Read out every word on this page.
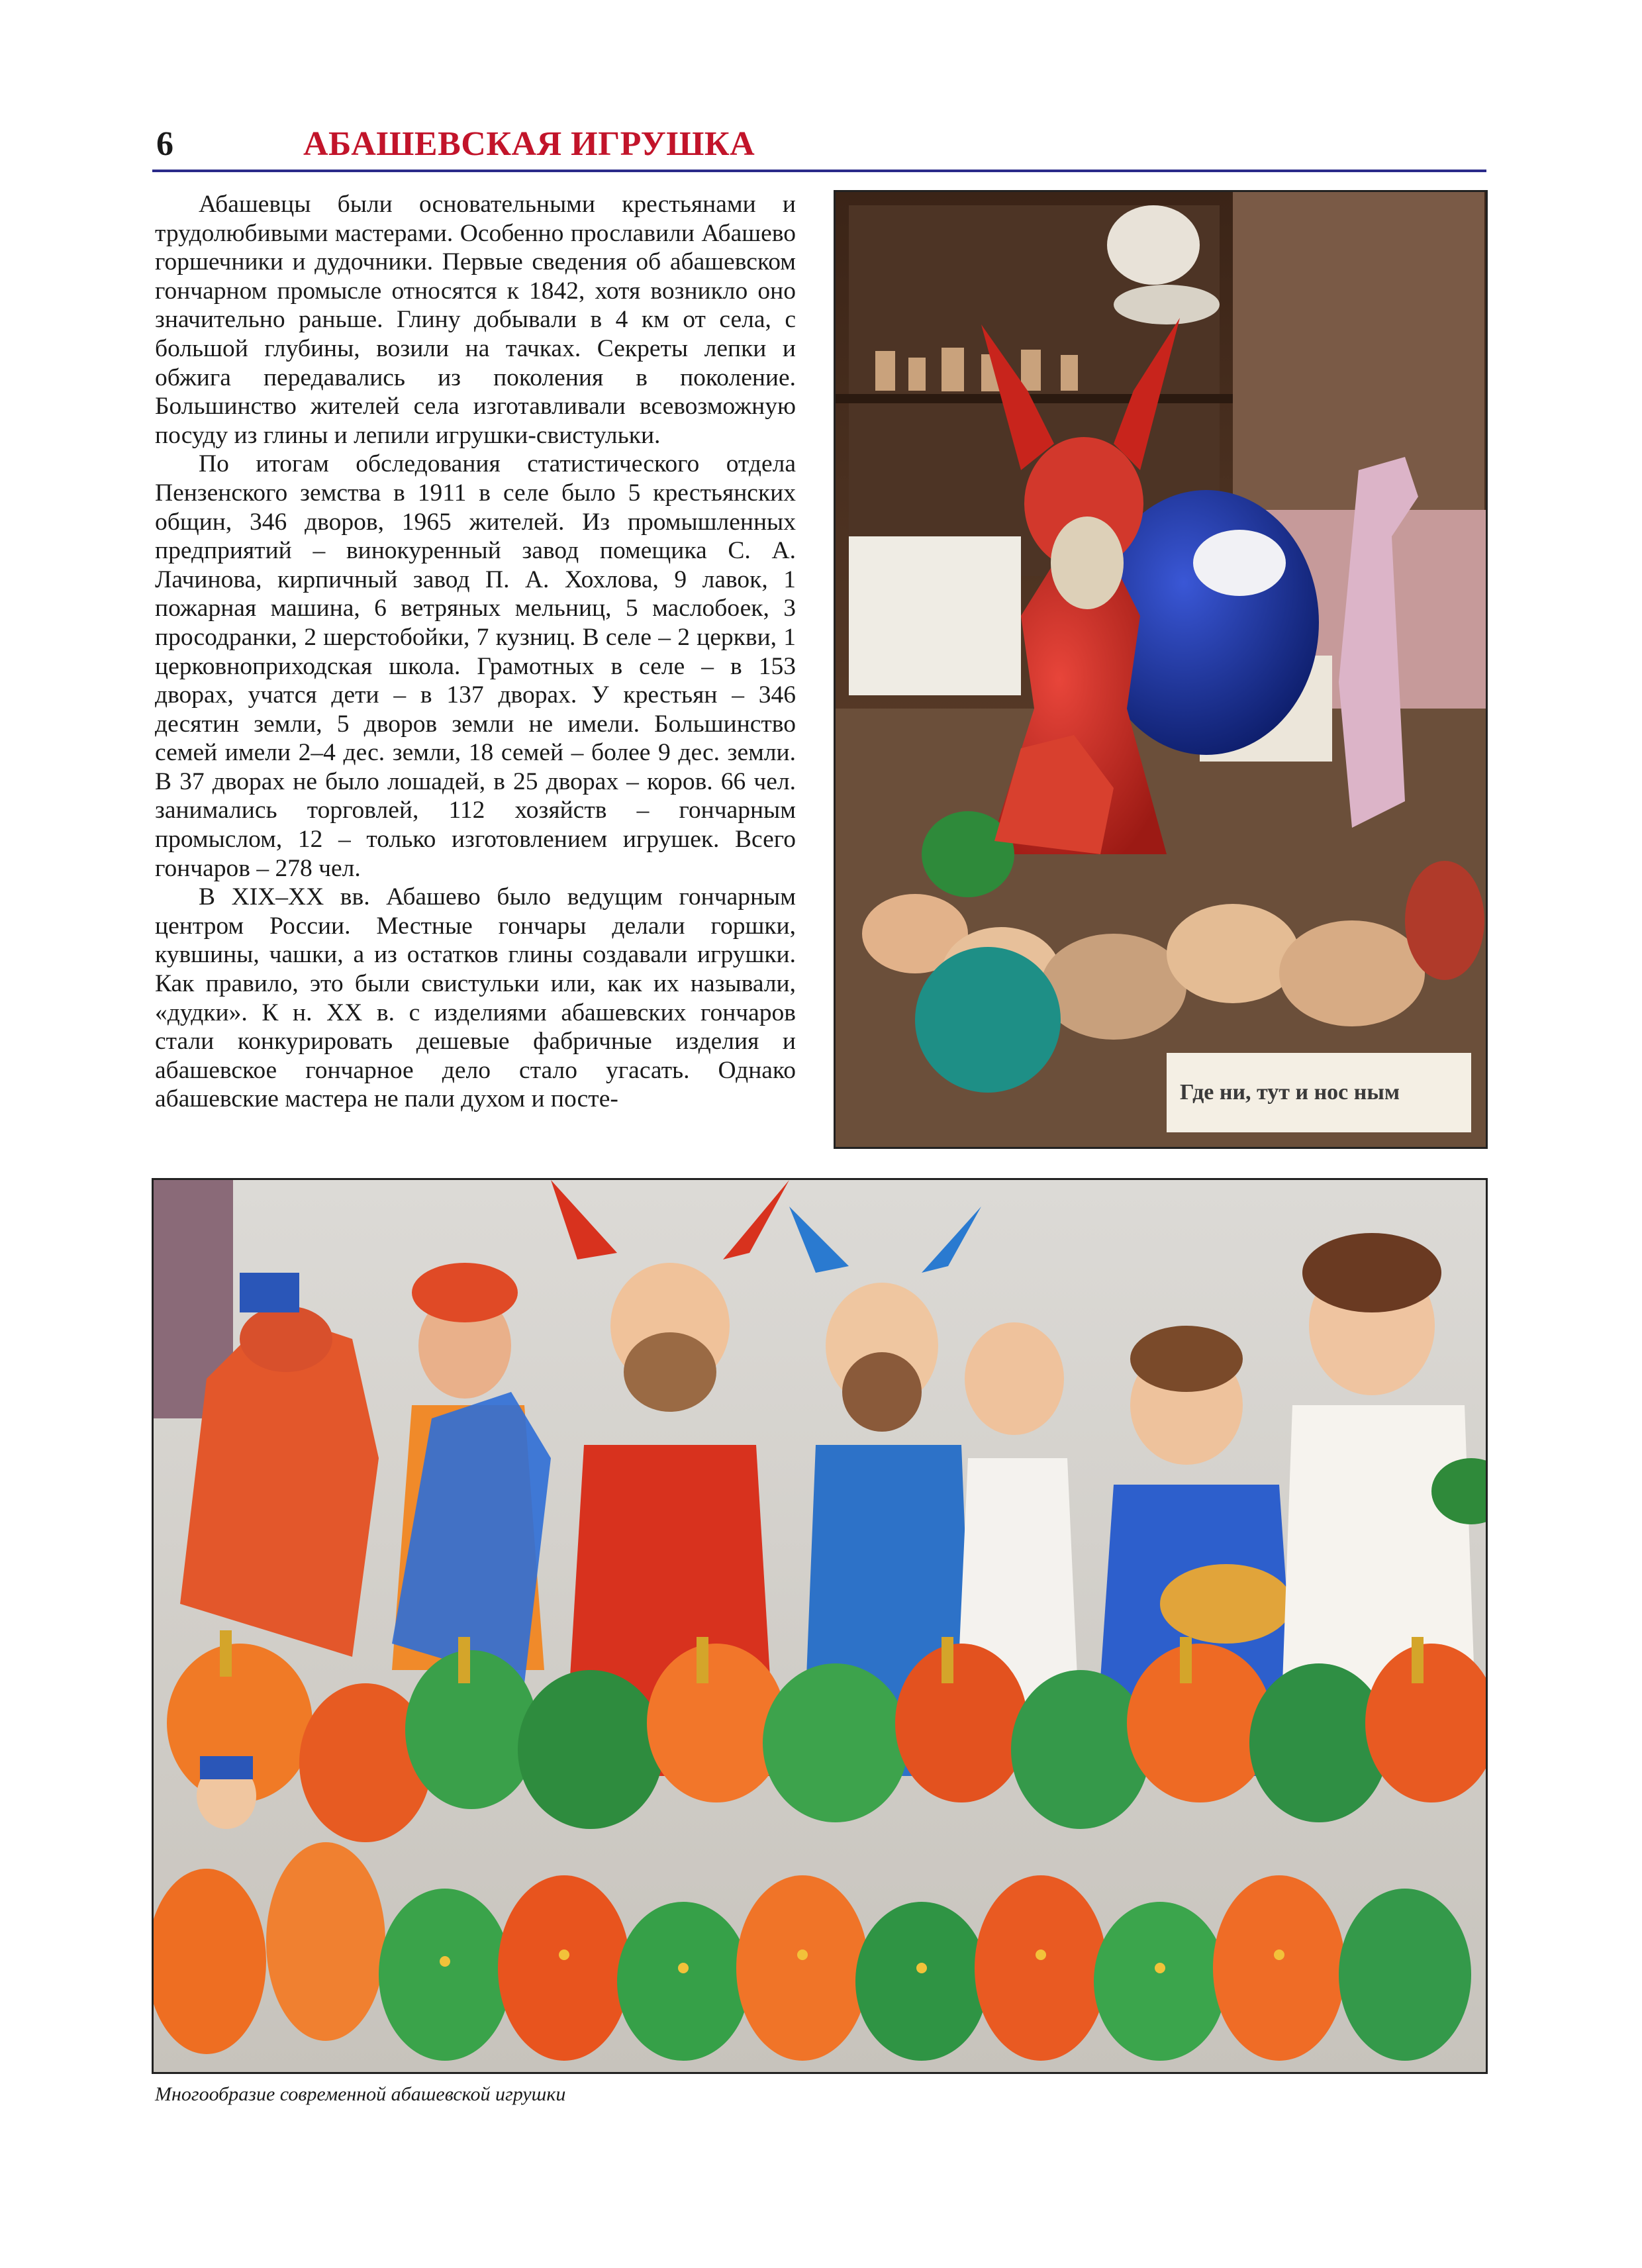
6	АБАШЕВСКАЯ ИГРУШКА

Абашевцы были основательными крестьянами и трудолюбивыми мастерами. Особенно прославили Абашево горшечники и дудочники. Первые сведения об абашевском гончарном промысле относятся к 1842, хотя возникло оно значительно раньше. Глину добывали в 4 км от села, с большой глубины, возили на тачках. Секреты лепки и обжига передавались из поколения в поколение. Большинство жителей села изготавливали всевозможную посуду из глины и лепили игрушки-свистульки.

По итогам обследования статистического отдела Пензенского земства в 1911 в селе было 5 крестьянских общин, 346 дворов, 1965 жителей. Из промышленных предприятий – винокуренный завод помещика С. А. Лачинова, кирпичный завод П. А. Хохлова, 9 лавок, 1 пожарная машина, 6 ветряных мельниц, 5 маслобоек, 3 просодранки, 2 шерстобойки, 7 кузниц. В селе – 2 церкви, 1 церковноприходская школа. Грамотных в селе – в 153 дворах, учатся дети – в 137 дворах. У крестьян – 346 десятин земли, 5 дворов земли не имели. Большинство семей имели 2–4 дес. земли, 18 семей – более 9 дес. земли. В 37 дворах не было лошадей, в 25 дворах – коров. 66 чел. занимались торговлей, 112 хозяйств – гончарным промыслом, 12 – только изготовлением игрушек. Всего гончаров – 278 чел.

В XIX–XX вв. Абашево было ведущим гончарным центром России. Местные гончары делали горшки, кувшины, чашки, а из остатков глины создавали игрушки. Как правило, это были свистульки или, как их называли, «дудки». К н. XX в. с изделиями абашевских гончаров стали конкурировать дешевые фабричные изделия и абашевское гончарное дело стало угасать. Однако абашевские мастера не пали духом и посте-	Где ни, тут и нос ным
Многообразие современной абашевской игрушки
